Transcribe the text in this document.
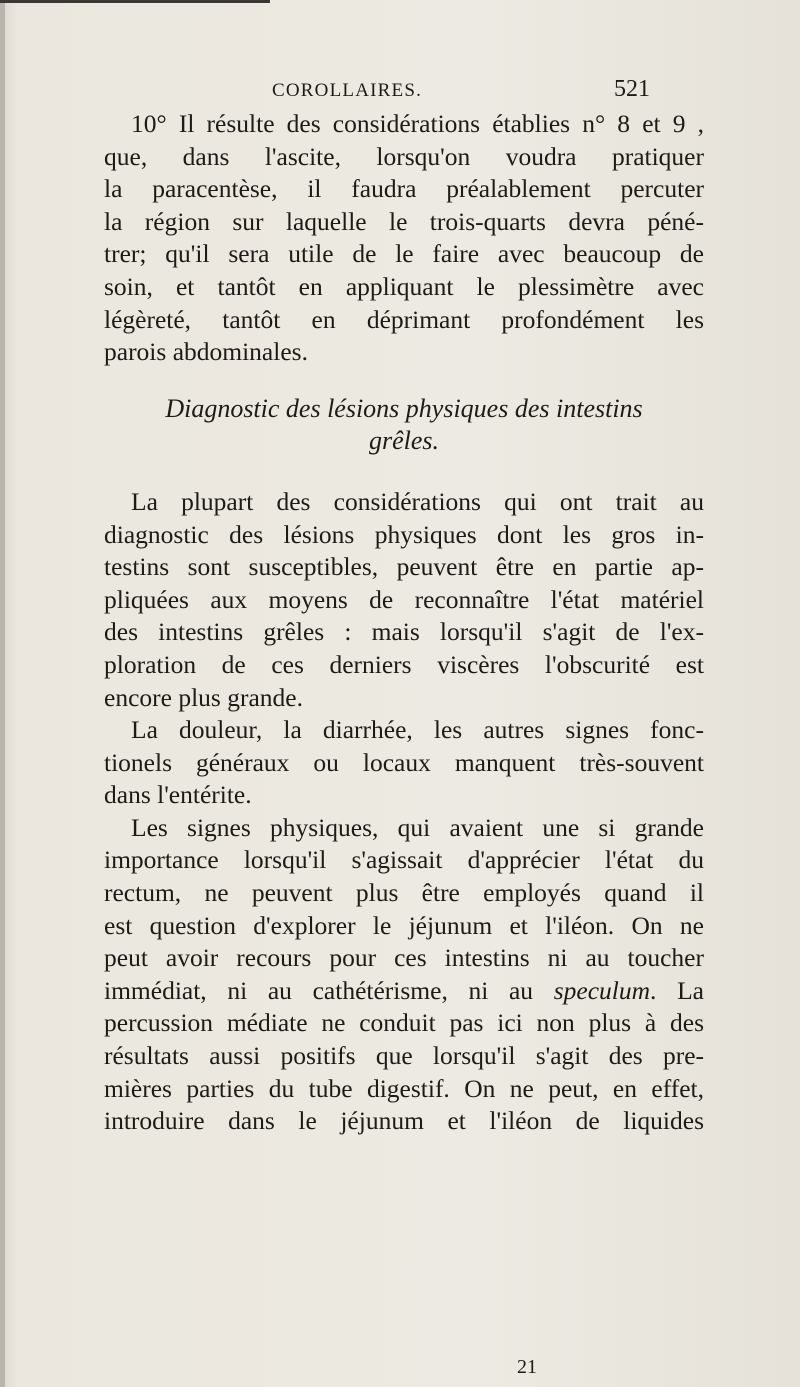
COROLLAIRES.	521
10° Il résulte des considérations établies n° 8 et 9 ,
que, dans l'ascite, lorsqu'on voudra pratiquer
la paracentèse, il faudra préalablement percuter
la région sur laquelle le trois-quarts devra péné-
trer; qu'il sera utile de le faire avec beaucoup de
soin, et tantôt en appliquant le plessimètre avec
légèreté, tantôt en déprimant profondément les
parois abdominales.
Diagnostic des lésions physiques des intestins
grêles.
La plupart des considérations qui ont trait au
diagnostic des lésions physiques dont les gros in-
testins sont susceptibles, peuvent être en partie ap-
pliquées aux moyens de reconnaître l'état matériel
des intestins grêles : mais lorsqu'il s'agit de l'ex-
ploration de ces derniers viscères l'obscurité est
encore plus grande.
La douleur, la diarrhée, les autres signes fonc-
tionels généraux ou locaux manquent très-souvent
dans l'entérite.
Les signes physiques, qui avaient une si grande
importance lorsqu'il s'agissait d'apprécier l'état du
rectum, ne peuvent plus être employés quand il
est question d'explorer le jéjunum et l'iléon. On ne
peut avoir recours pour ces intestins ni au toucher
immédiat, ni au cathétérisme, ni au speculum. La
percussion médiate ne conduit pas ici non plus à des
résultats aussi positifs que lorsqu'il s'agit des pre-
mières parties du tube digestif. On ne peut, en effet,
introduire dans le jéjunum et l'iléon de liquides
21
